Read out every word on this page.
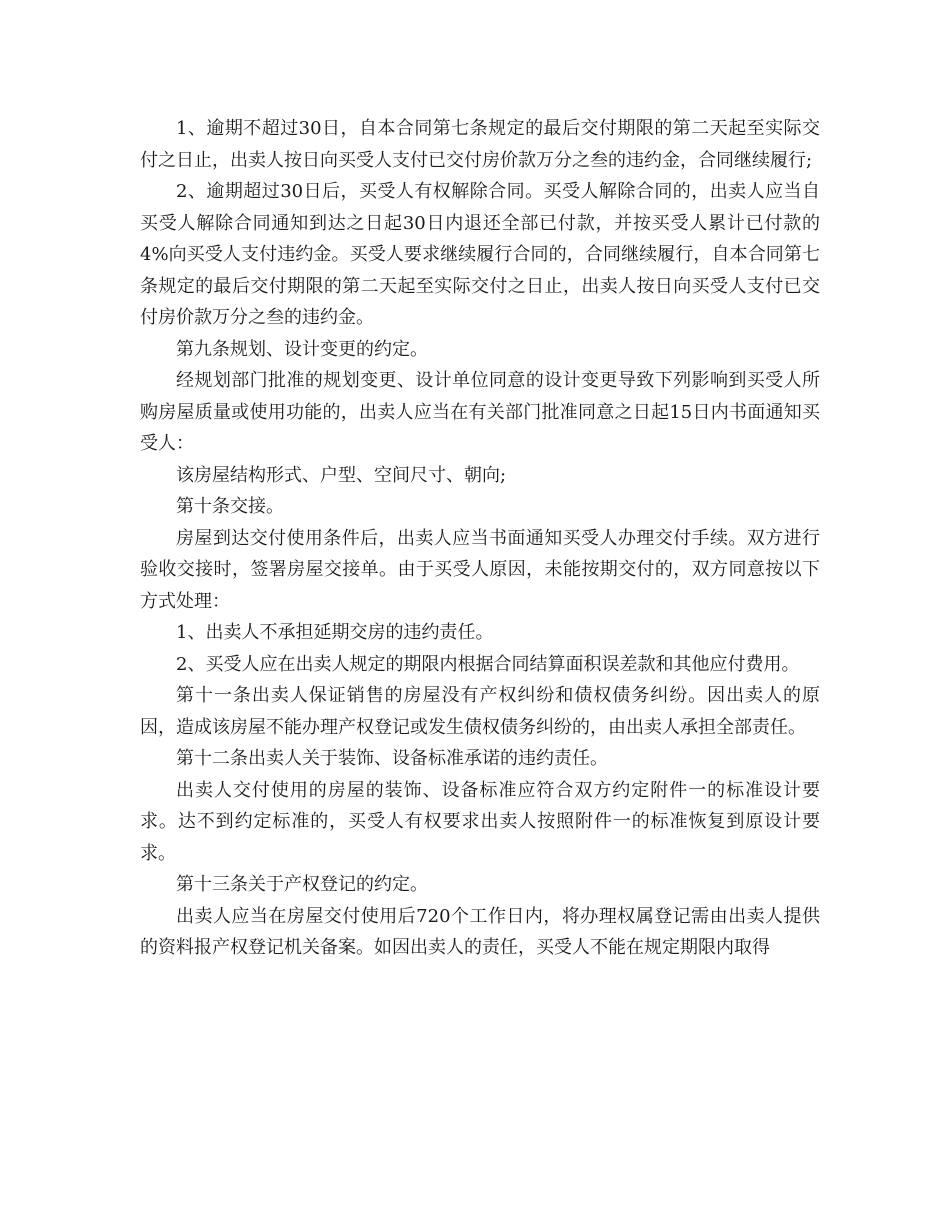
1、逾期不超过30日，自本合同第七条规定的最后交付期限的第二天起至实际交付之日止，出卖人按日向买受人支付已交付房价款万分之叁的违约金，合同继续履行;

2、逾期超过30日后，买受人有权解除合同。买受人解除合同的，出卖人应当自买受人解除合同通知到达之日起30日内退还全部已付款，并按买受人累计已付款的4%向买受人支付违约金。买受人要求继续履行合同的，合同继续履行，自本合同第七条规定的最后交付期限的第二天起至实际交付之日止，出卖人按日向买受人支付已交付房价款万分之叁的违约金。

第九条规划、设计变更的约定。

经规划部门批准的规划变更、设计单位同意的设计变更导致下列影响到买受人所购房屋质量或使用功能的，出卖人应当在有关部门批准同意之日起15日内书面通知买受人：

该房屋结构形式、户型、空间尺寸、朝向;

第十条交接。

房屋到达交付使用条件后，出卖人应当书面通知买受人办理交付手续。双方进行验收交接时，签署房屋交接单。由于买受人原因，未能按期交付的，双方同意按以下方式处理：

1、出卖人不承担延期交房的违约责任。

2、买受人应在出卖人规定的期限内根据合同结算面积误差款和其他应付费用。

第十一条出卖人保证销售的房屋没有产权纠纷和债权债务纠纷。因出卖人的原因，造成该房屋不能办理产权登记或发生债权债务纠纷的，由出卖人承担全部责任。

第十二条出卖人关于装饰、设备标准承诺的违约责任。

出卖人交付使用的房屋的装饰、设备标准应符合双方约定附件一的标准设计要求。达不到约定标准的，买受人有权要求出卖人按照附件一的标准恢复到原设计要求。

第十三条关于产权登记的约定。

出卖人应当在房屋交付使用后720个工作日内，将办理权属登记需由出卖人提供的资料报产权登记机关备案。如因出卖人的责任，买受人不能在规定期限内取得
